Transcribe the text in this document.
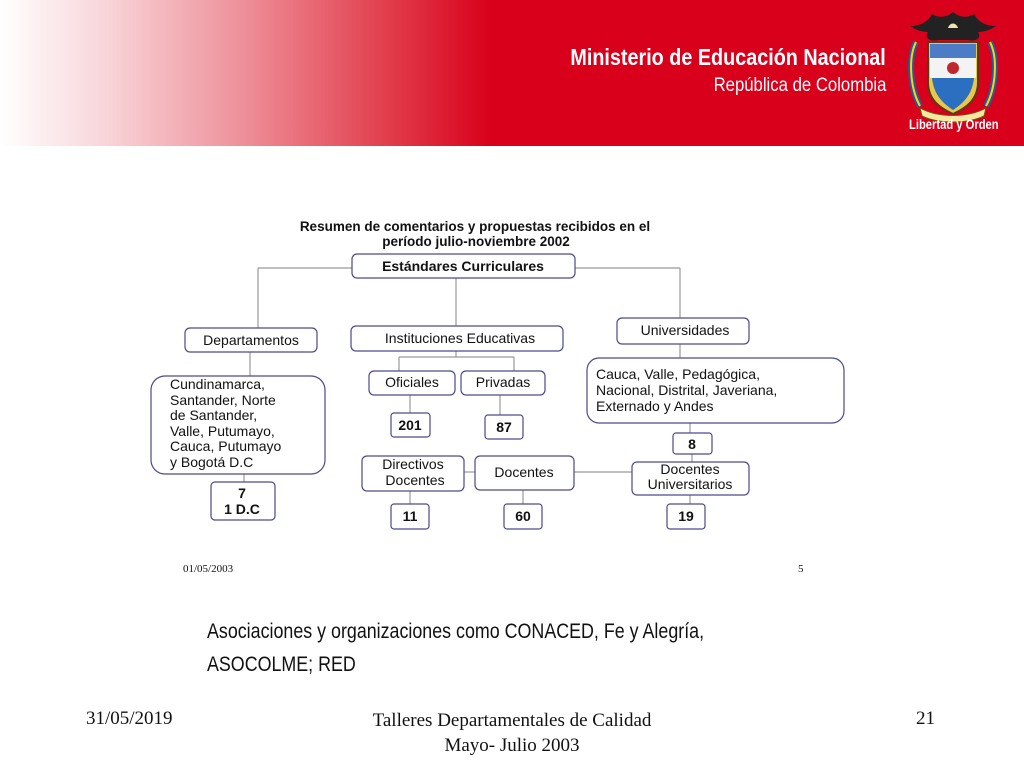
Ministerio de Educación Nacional
República de Colombia
Libertad y Orden
Resumen de comentarios y propuestas recibidos en el
período julio-noviembre 2002
Estándares Curriculares
Departamentos	Instituciones Educativas	Universidades
Cundinamarca, Santander, Norte de Santander, Valle, Putumayo, Cauca, Putumayo y Bogotá D.C
Oficiales	Privadas	Cauca, Valle, Pedagógica, Nacional, Distrital, Javeriana, Externado y Andes
201	87
8
Directivos
Docentes	Docentes	Docentes
Universitarios
7
1 D.C	11	60	19
01/05/2003	5
Asociaciones y organizaciones como CONACED, Fe y Alegría,
ASOCOLME; RED
31/05/2019	Talleres Departamentales de Calidad
Mayo- Julio 2003
21
